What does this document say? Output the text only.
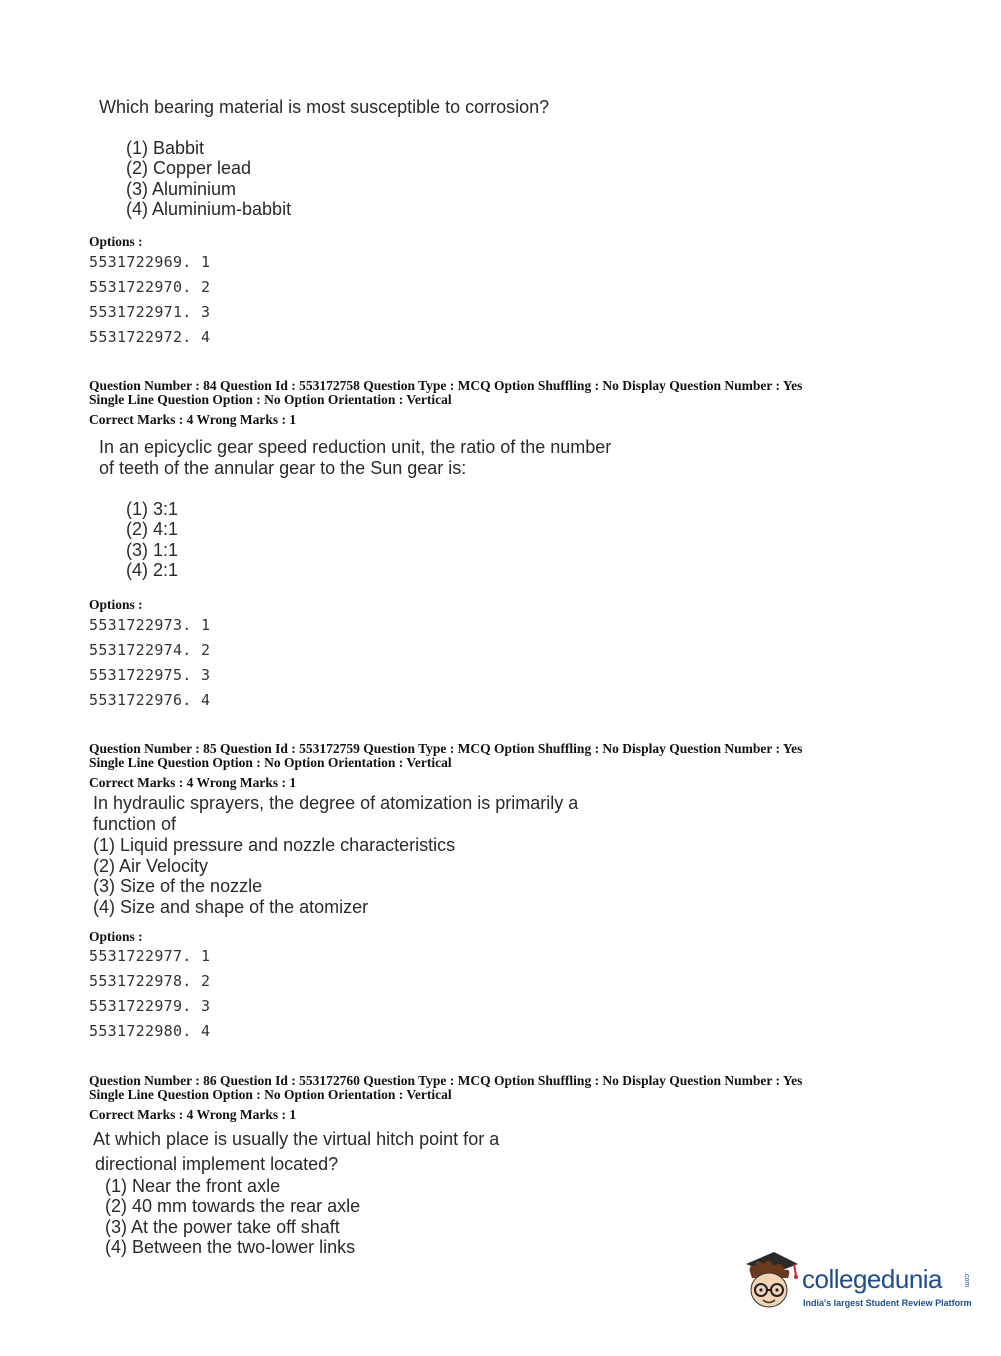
Which bearing material is most susceptible to corrosion?
(1) Babbit
(2) Copper lead
(3) Aluminium
(4) Aluminium-babbit
Options :
5531722969. 1
5531722970. 2
5531722971. 3
5531722972. 4
Question Number : 84 Question Id : 553172758 Question Type : MCQ Option Shuffling : No Display Question Number : Yes
Single Line Question Option : No Option Orientation : Vertical
Correct Marks : 4 Wrong Marks : 1
In an epicyclic gear speed reduction unit, the ratio of the number
of teeth of the annular gear to the Sun gear is:
(1) 3:1
(2) 4:1
(3) 1:1
(4) 2:1
Options :
5531722973. 1
5531722974. 2
5531722975. 3
5531722976. 4
Question Number : 85 Question Id : 553172759 Question Type : MCQ Option Shuffling : No Display Question Number : Yes
Single Line Question Option : No Option Orientation : Vertical
Correct Marks : 4 Wrong Marks : 1
In hydraulic sprayers, the degree of atomization is primarily a
function of
(1) Liquid pressure and nozzle characteristics
(2) Air Velocity
(3) Size of the nozzle
(4) Size and shape of the atomizer
Options :
5531722977. 1
5531722978. 2
5531722979. 3
5531722980. 4
Question Number : 86 Question Id : 553172760 Question Type : MCQ Option Shuffling : No Display Question Number : Yes
Single Line Question Option : No Option Orientation : Vertical
Correct Marks : 4 Wrong Marks : 1
At which place is usually the virtual hitch point for a
directional implement located?
(1) Near the front axle
(2) 40 mm towards the rear axle
(3) At the power take off shaft
(4) Between the two-lower links
collegedunia	.com
India's largest Student Review Platform
